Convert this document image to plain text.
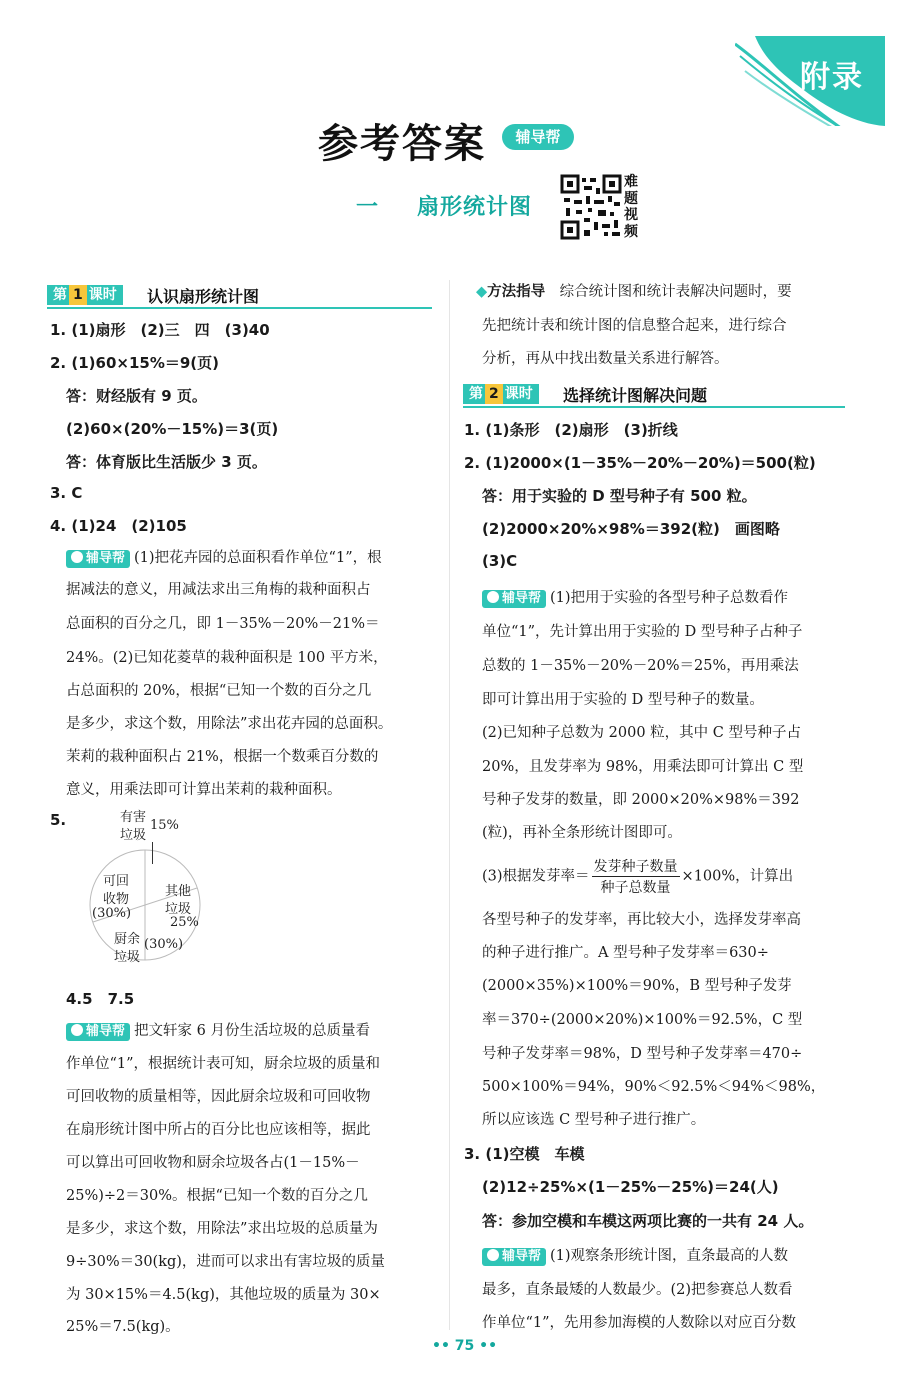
附录
参考答案	辅导帮
一 扇形统计图
难题视频
第 1 课时	认识扇形统计图
1. (1)扇形　(2)三　四　(3)40
2. (1)60×15%＝9(页)
答：财经版有 9 页。
(2)60×(20%－15%)＝3(页)
答：体育版比生活版少 3 页。
3. C
4. (1)24　(2)105
辅导帮 (1)把花卉园的总面积看作单位“1”，根
据减法的意义，用减法求出三角梅的栽种面积占
总面积的百分之几，即 1－35%－20%－21%＝
24%。(2)已知花菱草的栽种面积是 100 平方米，
占总面积的 20%，根据“已知一个数的百分之几
是多少，求这个数，用除法”求出花卉园的总面积。
茉莉的栽种面积占 21%，根据一个数乘百分数的
意义，用乘法即可计算出茉莉的栽种面积。
5.	有害
垃圾
15%
其他
垃圾
25%
可回
收物
(30%)
厨余 (30%)
垃圾
4.5　7.5
辅导帮 把文轩家 6 月份生活垃圾的总质量看
作单位“1”，根据统计表可知，厨余垃圾的质量和
可回收物的质量相等，因此厨余垃圾和可回收物
在扇形统计图中所占的百分比也应该相等，据此
可以算出可回收物和厨余垃圾各占(1－15%－
25%)÷2＝30%。根据“已知一个数的百分之几
是多少，求这个数，用除法”求出垃圾的总质量为
9÷30%＝30(kg)，进而可以求出有害垃圾的质量
为 30×15%＝4.5(kg)，其他垃圾的质量为 30×
25%＝7.5(kg)。
◆方法指导　 综合统计图和统计表解决问题时，要
先把统计表和统计图的信息整合起来，进行综合
分析，再从中找出数量关系进行解答。
第 2 课时	选择统计图解决问题
1. (1)条形　(2)扇形　(3)折线
2. (1)2000×(1－35%－20%－20%)＝500(粒)
答：用于实验的 D 型号种子有 500 粒。
(2)2000×20%×98%＝392(粒)　画图略
(3)C
辅导帮 (1)把用于实验的各型号种子总数看作
单位“1”，先计算出用于实验的 D 型号种子占种子
总数的 1－35%－20%－20%＝25%，再用乘法
即可计算出用于实验的 D 型号种子的数量。
(2)已知种子总数为 2000 粒，其中 C 型号种子占
20%，且发芽率为 98%，用乘法即可计算出 C 型
号种子发芽的数量，即 2000×20%×98%＝392
(粒)，再补全条形统计图即可。
(3)根据发芽率＝ $\frac{\text{发芽种子数量}}{\text{种子总数量}} \times 100\%$，计算出
各型号种子的发芽率，再比较大小，选择发芽率高
的种子进行推广。A 型号种子发芽率＝630÷
(2000×35%)×100%＝90%，B 型号种子发芽
率＝370÷(2000×20%)×100%＝92.5%，C 型
号种子发芽率＝98%，D 型号种子发芽率＝470÷
500×100%＝94%，90%＜92.5%＜94%＜98%，
所以应该选 C 型号种子进行推广。
3. (1)空模　车模
(2)12÷25%×(1－25%－25%)＝24(人)
答：参加空模和车模这两项比赛的一共有 24 人。
辅导帮 (1)观察条形统计图，直条最高的人数
最多，直条最矮的人数最少。(2)把参赛总人数看
作单位“1”，先用参加海模的人数除以对应百分数
•• 75 ••
